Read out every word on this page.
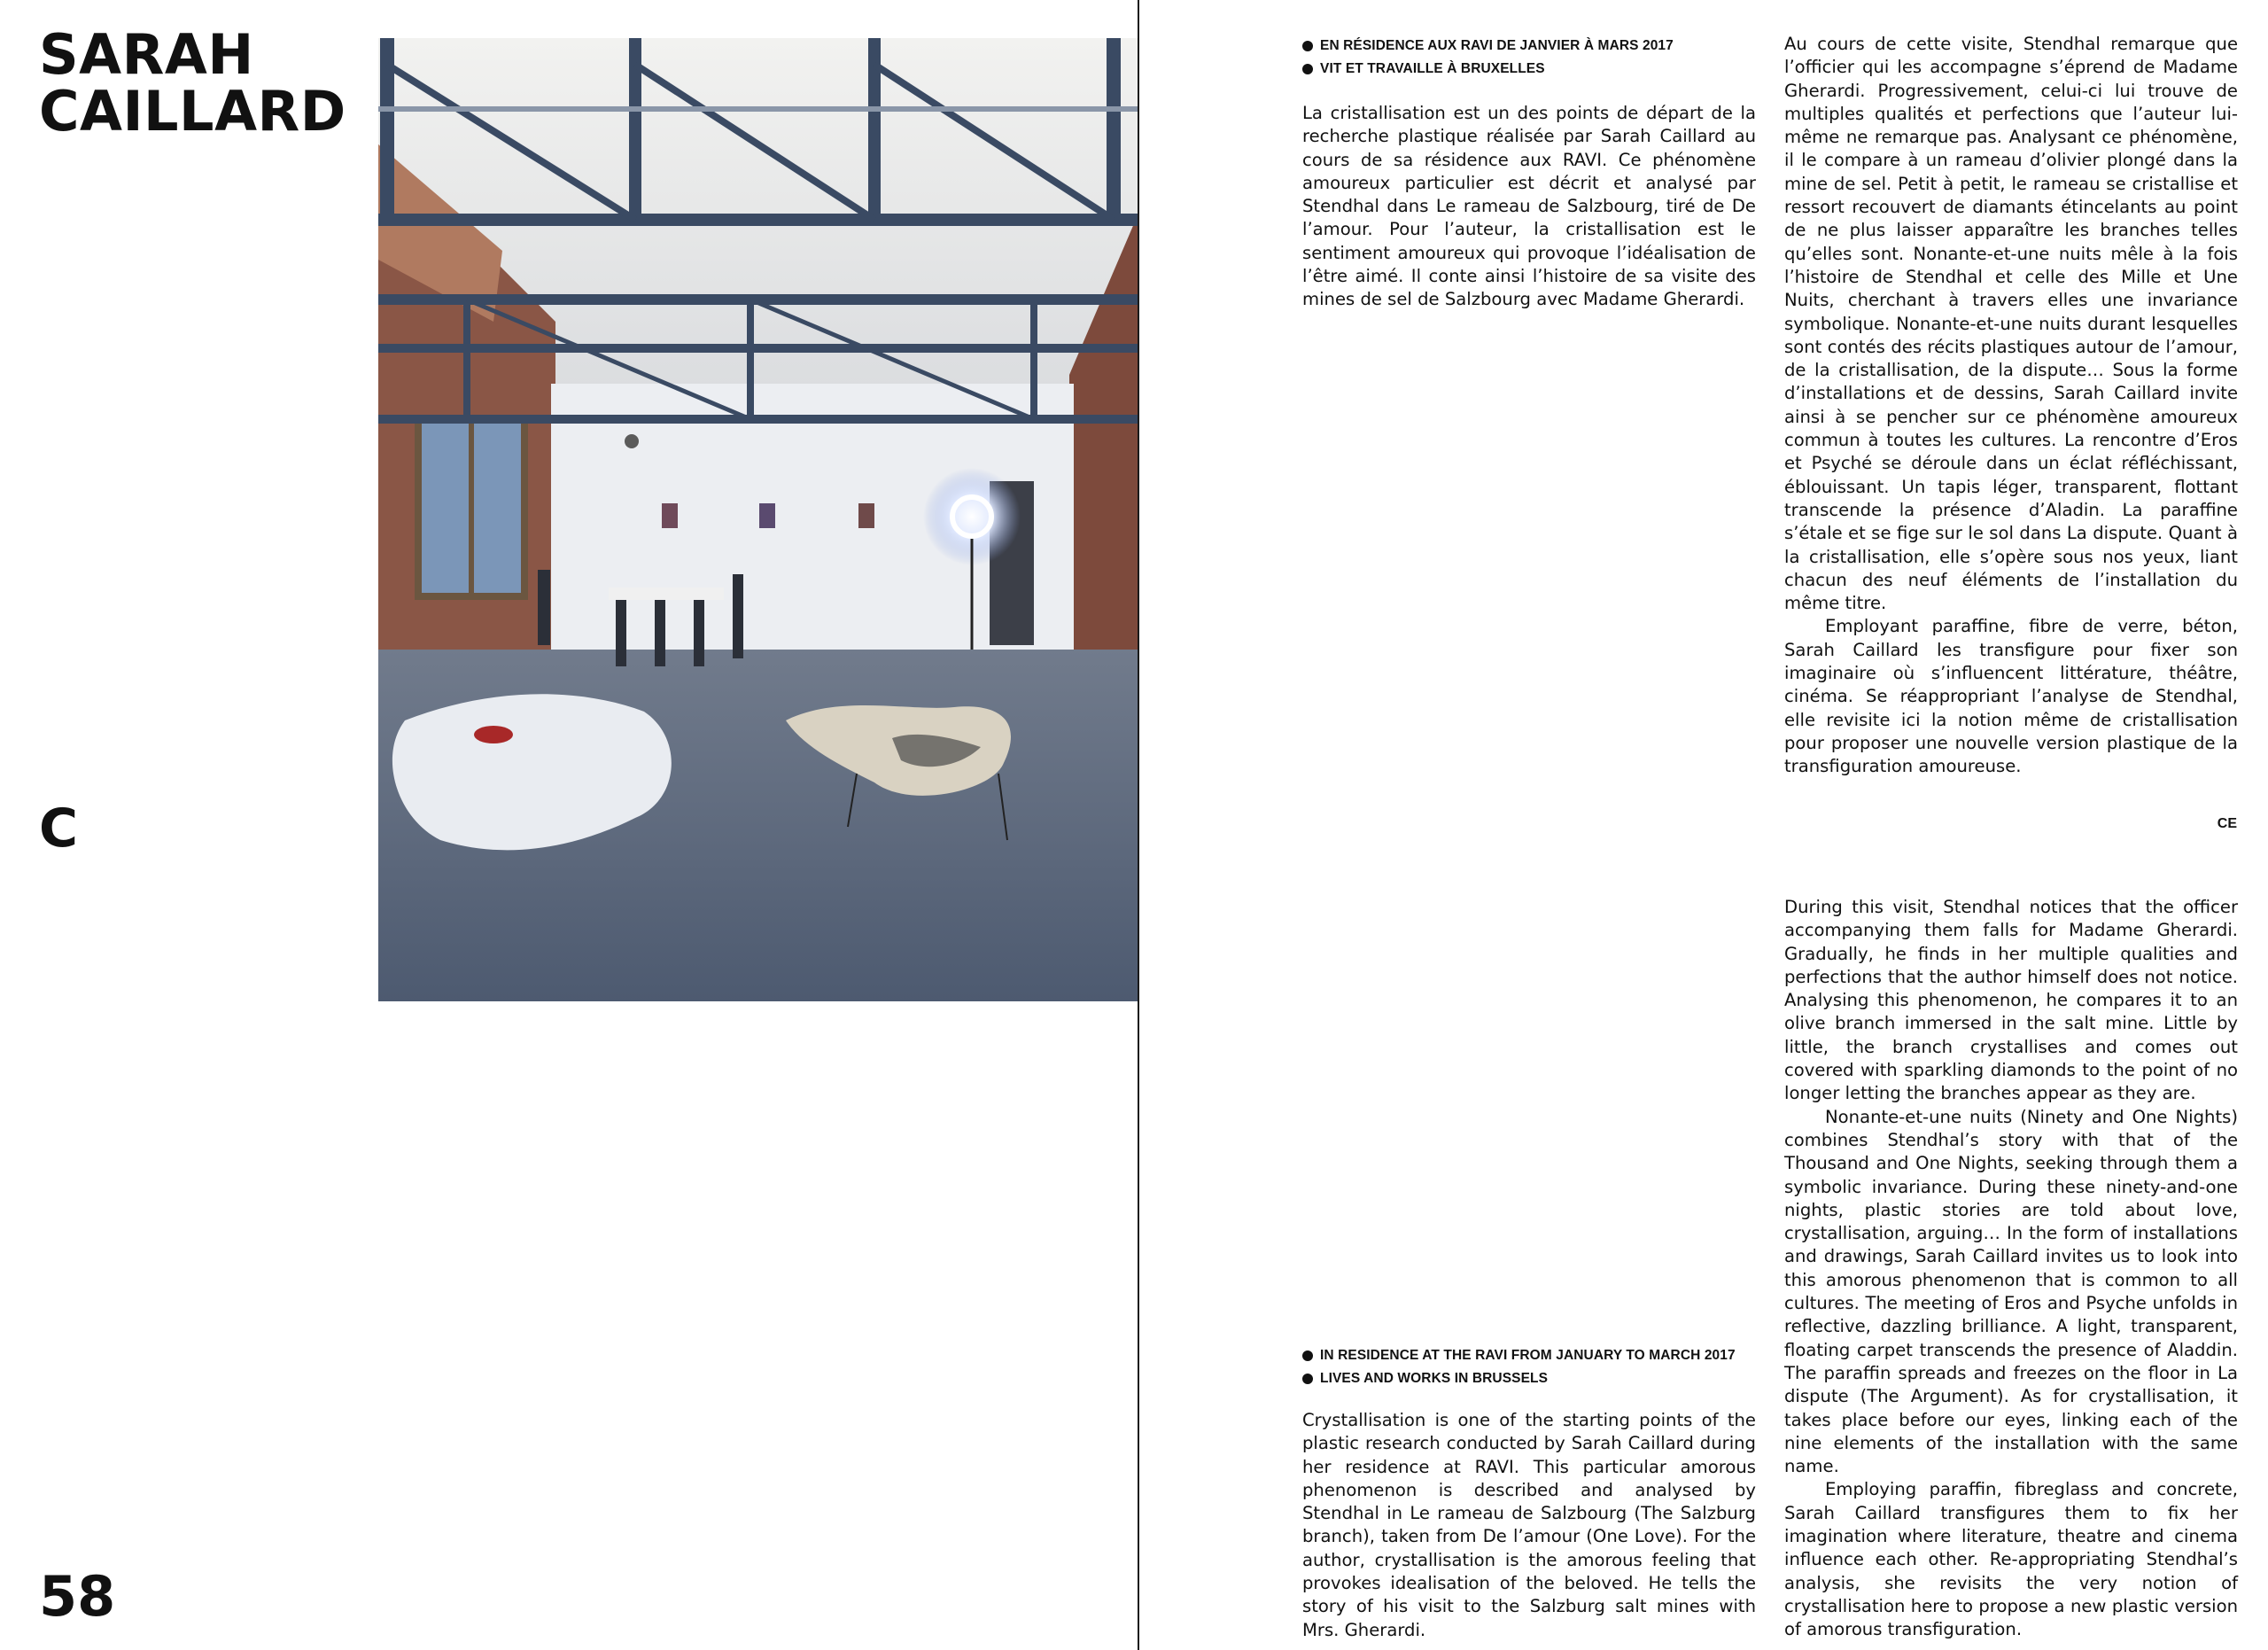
SARAH
CAILLARD
C
58
EN RÉSIDENCE AUX RAVI DE JANVIER À MARS 2017
VIT ET TRAVAILLE À BRUXELLES

La cristallisation est un des points de départ de la recherche plastique réalisée par Sarah Caillard au cours de sa résidence aux RAVI. Ce phénomène amoureux particulier est décrit et analysé par Stendhal dans Le rameau de Salzbourg, tiré de De l’amour. Pour l’auteur, la cristallisation est le sentiment amoureux qui provoque l’idéalisation de l’être aimé. Il conte ainsi l’histoire de sa visite des mines de sel de Salzbourg avec Madame Gherardi.

Au cours de cette visite, Stendhal remarque que l’officier qui les accompagne s’éprend de Madame Gherardi. Progressivement, celui-ci lui trouve de multiples qualités et perfections que l’auteur lui-même ne remarque pas. Analysant ce phénomène, il le compare à un rameau d’olivier plongé dans la mine de sel. Petit à petit, le rameau se cristallise et ressort recouvert de diamants étincelants au point de ne plus laisser apparaître les branches telles qu’elles sont. Nonante-et-une nuits mêle à la fois l’histoire de Stendhal et celle des Mille et Une Nuits, cherchant à travers elles une invariance symbolique. Nonante-et-une nuits durant lesquelles sont contés des récits plastiques autour de l’amour, de la cristallisation, de la dispute… Sous la forme d’installations et de dessins, Sarah Caillard invite ainsi à se pencher sur ce phénomène amoureux commun à toutes les cultures. La rencontre d’Eros et Psyché se déroule dans un éclat réfléchissant, éblouissant. Un tapis léger, transparent, flottant transcende la présence d’Aladin. La paraffine s’étale et se fige sur le sol dans La dispute. Quant à la cristallisation, elle s’opère sous nos yeux, liant chacun des neuf éléments de l’installation du même titre.

Employant paraffine, fibre de verre, béton, Sarah Caillard les transfigure pour fixer son imaginaire où s’influencent littérature, théâtre, cinéma. Se réappropriant l’analyse de Stendhal, elle revisite ici la notion même de cristallisation pour proposer une nouvelle version plastique de la transfiguration amoureuse.

CE
IN RESIDENCE AT THE RAVI FROM JANUARY TO MARCH 2017
LIVES AND WORKS IN BRUSSELS

Crystallisation is one of the starting points of the plastic research conducted by Sarah Caillard during her residence at RAVI. This particular amorous phenomenon is described and analysed by Stendhal in Le rameau de Salzbourg (The Salzburg branch), taken from De l’amour (One Love). For the author, crystallisation is the amorous feeling that provokes idealisation of the beloved. He tells the story of his visit to the Salzburg salt mines with Mrs. Gherardi.

During this visit, Stendhal notices that the officer accompanying them falls for Madame Gherardi. Gradually, he finds in her multiple qualities and perfections that the author himself does not notice. Analysing this phenomenon, he compares it to an olive branch immersed in the salt mine. Little by little, the branch crystallises and comes out covered with sparkling diamonds to the point of no longer letting the branches appear as they are.

Nonante-et-une nuits (Ninety and One Nights) combines Stendhal’s story with that of the Thousand and One Nights, seeking through them a symbolic invariance. During these ninety-and-one nights, plastic stories are told about love, crystallisation, arguing… In the form of installations and drawings, Sarah Caillard invites us to look into this amorous phenomenon that is common to all cultures. The meeting of Eros and Psyche unfolds in reflective, dazzling brilliance. A light, transparent, floating carpet transcends the presence of Aladdin. The paraffin spreads and freezes on the floor in La dispute (The Argument). As for crystallisation, it takes place before our eyes, linking each of the nine elements of the installation with the same name.

Employing paraffin, fibreglass and concrete, Sarah Caillard transfigures them to fix her imagination where literature, theatre and cinema influence each other. Re-appropriating Stendhal’s analysis, she revisits the very notion of crystallisation here to propose a new plastic version of amorous transfiguration.
